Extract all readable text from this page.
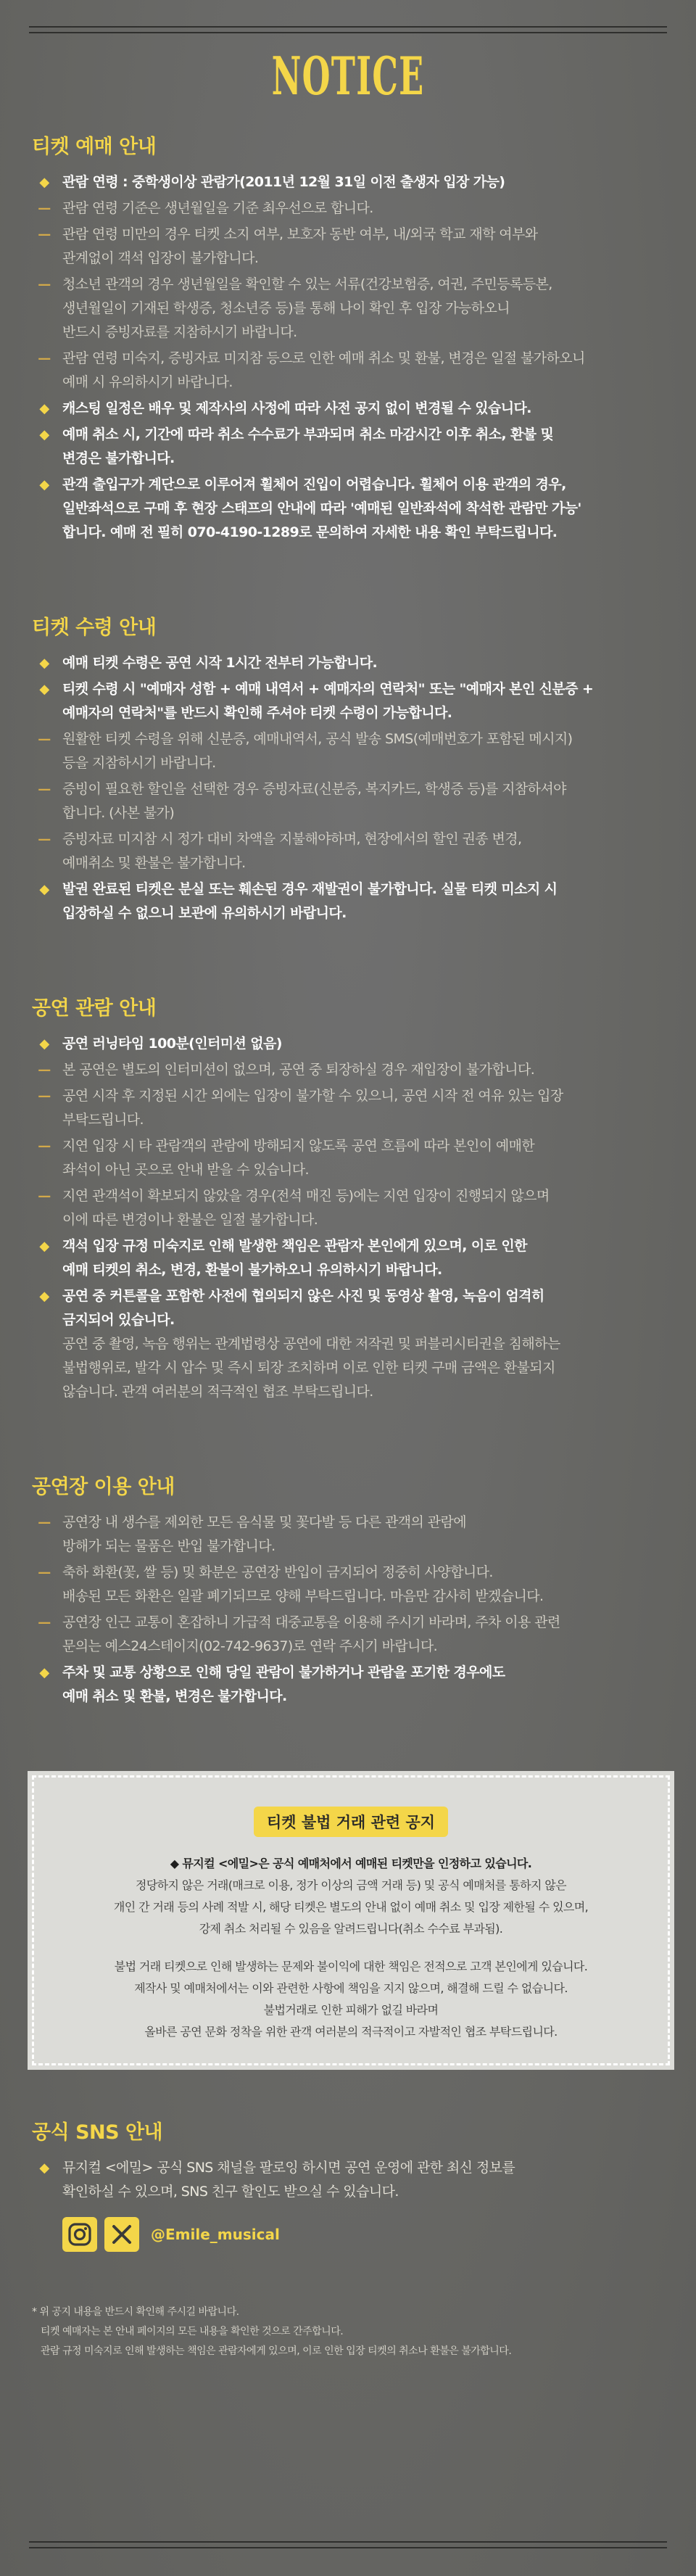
NOTICE
티켓 예매 안내
◆ 관람 연령 : 중학생이상 관람가(2011년 12월 31일 이전 출생자 입장 가능)
— 관람 연령 기준은 생년월일을 기준 최우선으로 합니다.
— 관람 연령 미만의 경우 티켓 소지 여부, 보호자 동반 여부, 내/외국 학교 재학 여부와
관계없이 객석 입장이 불가합니다.
— 청소년 관객의 경우 생년월일을 확인할 수 있는 서류(건강보험증, 여권, 주민등록등본,
생년월일이 기재된 학생증, 청소년증 등)를 통해 나이 확인 후 입장 가능하오니
반드시 증빙자료를 지참하시기 바랍니다.
— 관람 연령 미숙지, 증빙자료 미지참 등으로 인한 예매 취소 및 환불, 변경은 일절 불가하오니
예매 시 유의하시기 바랍니다.
◆ 캐스팅 일정은 배우 및 제작사의 사정에 따라 사전 공지 없이 변경될 수 있습니다.
◆ 예매 취소 시, 기간에 따라 취소 수수료가 부과되며 취소 마감시간 이후 취소, 환불 및
변경은 불가합니다.
◆ 관객 출입구가 계단으로 이루어져 휠체어 진입이 어렵습니다. 휠체어 이용 관객의 경우,
일반좌석으로 구매 후 현장 스태프의 안내에 따라 '예매된 일반좌석에 착석한 관람만 가능'
합니다. 예매 전 필히 070-4190-1289로 문의하여 자세한 내용 확인 부탁드립니다.
티켓 수령 안내
◆ 예매 티켓 수령은 공연 시작 1시간 전부터 가능합니다.
◆ 티켓 수령 시 "예매자 성함 + 예매 내역서 + 예매자의 연락처" 또는 "예매자 본인 신분증 +
예매자의 연락처"를 반드시 확인해 주셔야 티켓 수령이 가능합니다.
— 원활한 티켓 수령을 위해 신분증, 예매내역서, 공식 발송 SMS(예매번호가 포함된 메시지)
등을 지참하시기 바랍니다.
— 증빙이 필요한 할인을 선택한 경우 증빙자료(신분증, 복지카드, 학생증 등)를 지참하셔야
합니다. (사본 불가)
— 증빙자료 미지참 시 정가 대비 차액을 지불해야하며, 현장에서의 할인 권종 변경,
예매취소 및 환불은 불가합니다.
◆ 발권 완료된 티켓은 분실 또는 훼손된 경우 재발권이 불가합니다. 실물 티켓 미소지 시
입장하실 수 없으니 보관에 유의하시기 바랍니다.
공연 관람 안내
◆ 공연 러닝타임 100분(인터미션 없음)
— 본 공연은 별도의 인터미션이 없으며, 공연 중 퇴장하실 경우 재입장이 불가합니다.
— 공연 시작 후 지정된 시간 외에는 입장이 불가할 수 있으니, 공연 시작 전 여유 있는 입장
부탁드립니다.
— 지연 입장 시 타 관람객의 관람에 방해되지 않도록 공연 흐름에 따라 본인이 예매한
좌석이 아닌 곳으로 안내 받을 수 있습니다.
— 지연 관객석이 확보되지 않았을 경우(전석 매진 등)에는 지연 입장이 진행되지 않으며
이에 따른 변경이나 환불은 일절 불가합니다.
◆ 객석 입장 규정 미숙지로 인해 발생한 책임은 관람자 본인에게 있으며, 이로 인한
예매 티켓의 취소, 변경, 환불이 불가하오니 유의하시기 바랍니다.
◆ 공연 중 커튼콜을 포함한 사전에 협의되지 않은 사진 및 동영상 촬영, 녹음이 엄격히
금지되어 있습니다.
공연 중 촬영, 녹음 행위는 관계법령상 공연에 대한 저작권 및 퍼블리시티권을 침해하는
불법행위로, 발각 시 압수 및 즉시 퇴장 조치하며 이로 인한 티켓 구매 금액은 환불되지
않습니다. 관객 여러분의 적극적인 협조 부탁드립니다.
공연장 이용 안내
— 공연장 내 생수를 제외한 모든 음식물 및 꽃다발 등 다른 관객의 관람에
방해가 되는 물품은 반입 불가합니다.
— 축하 화환(꽃, 쌀 등) 및 화분은 공연장 반입이 금지되어 정중히 사양합니다.
배송된 모든 화환은 일괄 폐기되므로 양해 부탁드립니다. 마음만 감사히 받겠습니다.
— 공연장 인근 교통이 혼잡하니 가급적 대중교통을 이용해 주시기 바라며, 주차 이용 관련
문의는 예스24스테이지(02-742-9637)로 연락 주시기 바랍니다.
◆ 주차 및 교통 상황으로 인해 당일 관람이 불가하거나 관람을 포기한 경우에도
예매 취소 및 환불, 변경은 불가합니다.
티켓 불법 거래 관련 공지
◆ 뮤지컬 <에밀>은 공식 예매처에서 예매된 티켓만을 인정하고 있습니다.
정당하지 않은 거래(매크로 이용, 정가 이상의 금액 거래 등) 및 공식 예매처를 통하지 않은
개인 간 거래 등의 사례 적발 시, 해당 티켓은 별도의 안내 없이 예매 취소 및 입장 제한될 수 있으며,
강제 취소 처리될 수 있음을 알려드립니다(취소 수수료 부과됨).
불법 거래 티켓으로 인해 발생하는 문제와 불이익에 대한 책임은 전적으로 고객 본인에게 있습니다.
제작사 및 예매처에서는 이와 관련한 사항에 책임을 지지 않으며, 해결해 드릴 수 없습니다.
불법거래로 인한 피해가 없길 바라며
올바른 공연 문화 정착을 위한 관객 여러분의 적극적이고 자발적인 협조 부탁드립니다.
공식 SNS 안내
◆ 뮤지컬 <에밀> 공식 SNS 채널을 팔로잉 하시면 공연 운영에 관한 최신 정보를
확인하실 수 있으며, SNS 친구 할인도 받으실 수 있습니다.
@Emile_musical
* 위 공지 내용을 반드시 확인해 주시길 바랍니다.
티켓 예매자는 본 안내 페이지의 모든 내용을 확인한 것으로 간주합니다.
관람 규정 미숙지로 인해 발생하는 책임은 관람자에게 있으며, 이로 인한 입장 티켓의 취소나 환불은 불가합니다.
